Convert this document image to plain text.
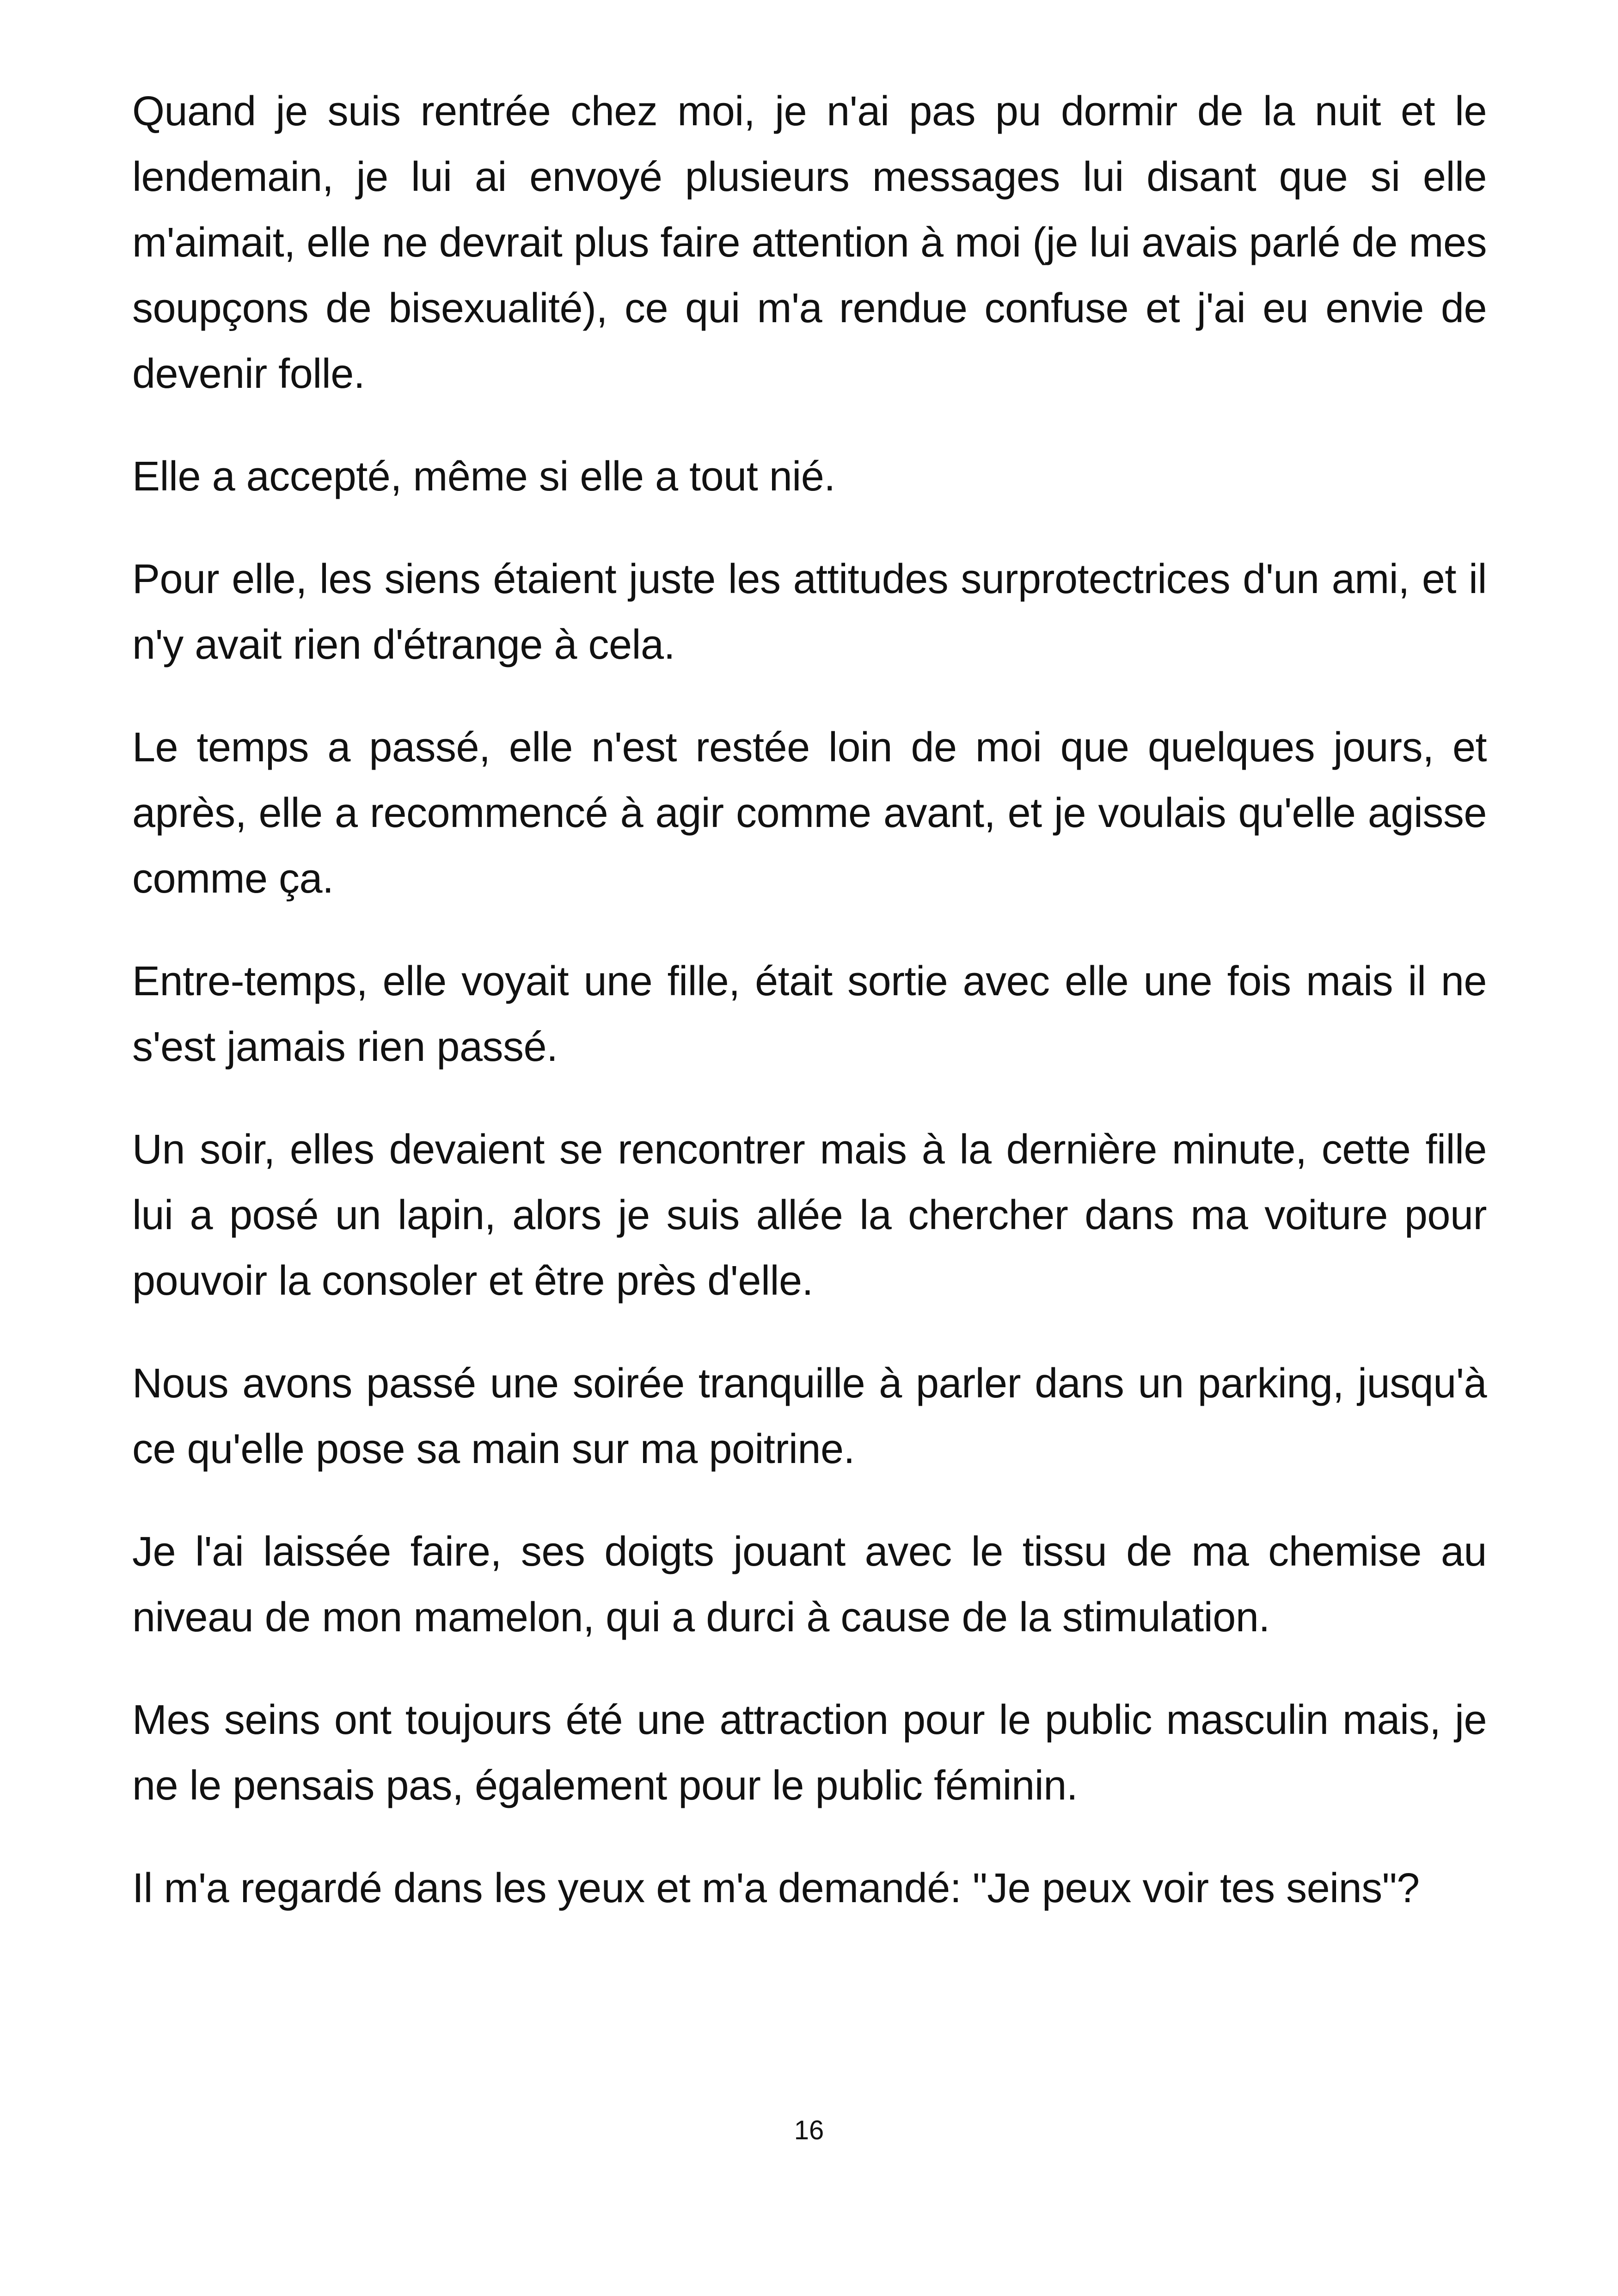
Quand je suis rentrée chez moi, je n'ai pas pu dormir de la nuit et le lendemain, je lui ai envoyé plusieurs messages lui disant que si elle m'aimait, elle ne devrait plus faire attention à moi (je lui avais parlé de mes soupçons de bisexualité), ce qui m'a rendue confuse et j'ai eu envie de devenir folle.

Elle a accepté, même si elle a tout nié.

Pour elle, les siens étaient juste les attitudes surprotectrices d'un ami, et il n'y avait rien d'étrange à cela.

Le temps a passé, elle n'est restée loin de moi que quelques jours, et après, elle a recommencé à agir comme avant, et je voulais qu'elle agisse comme ça.

Entre-temps, elle voyait une fille, était sortie avec elle une fois mais il ne s'est jamais rien passé.

Un soir, elles devaient se rencontrer mais à la dernière minute, cette fille lui a posé un lapin, alors je suis allée la chercher dans ma voiture pour pouvoir la consoler et être près d'elle.

Nous avons passé une soirée tranquille à parler dans un parking, jusqu'à ce qu'elle pose sa main sur ma poitrine.

Je l'ai laissée faire, ses doigts jouant avec le tissu de ma chemise au niveau de mon mamelon, qui a durci à cause de la stimulation.

Mes seins ont toujours été une attraction pour le public masculin mais, je ne le pensais pas, également pour le public féminin.

Il m'a regardé dans les yeux et m'a demandé: "Je peux voir tes seins"?

16
